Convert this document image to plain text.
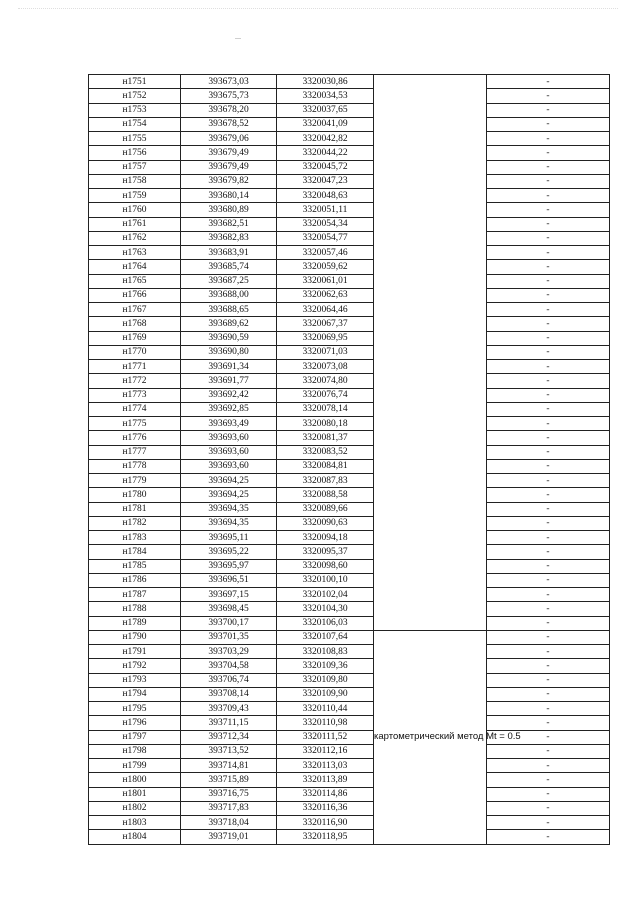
н1751	393673,03	3320030,86		-
н1752	393675,73	3320034,53		-
н1753	393678,20	3320037,65		-
н1754	393678,52	3320041,09		-
н1755	393679,06	3320042,82		-
н1756	393679,49	3320044,22		-
н1757	393679,49	3320045,72		-
н1758	393679,82	3320047,23		-
н1759	393680,14	3320048,63		-
н1760	393680,89	3320051,11		-
н1761	393682,51	3320054,34		-
н1762	393682,83	3320054,77		-
н1763	393683,91	3320057,46		-
н1764	393685,74	3320059,62		-
н1765	393687,25	3320061,01		-
н1766	393688,00	3320062,63		-
н1767	393688,65	3320064,46		-
н1768	393689,62	3320067,37		-
н1769	393690,59	3320069,95		-
н1770	393690,80	3320071,03		-
н1771	393691,34	3320073,08		-
н1772	393691,77	3320074,80		-
н1773	393692,42	3320076,74		-
н1774	393692,85	3320078,14		-
н1775	393693,49	3320080,18		-
н1776	393693,60	3320081,37		-
н1777	393693,60	3320083,52		-
н1778	393693,60	3320084,81		-
н1779	393694,25	3320087,83		-
н1780	393694,25	3320088,58		-
н1781	393694,35	3320089,66		-
н1782	393694,35	3320090,63		-
н1783	393695,11	3320094,18		-
н1784	393695,22	3320095,37		-
н1785	393695,97	3320098,60		-
н1786	393696,51	3320100,10		-
н1787	393697,15	3320102,04		-
н1788	393698,45	3320104,30		-
н1789	393700,17	3320106,03		-
н1790	393701,35	3320107,64	картометрический метод Mt = 0.5	-
н1791	393703,29	3320108,83		-
н1792	393704,58	3320109,36		-
н1793	393706,74	3320109,80		-
н1794	393708,14	3320109,90		-
н1795	393709,43	3320110,44		-
н1796	393711,15	3320110,98		-
н1797	393712,34	3320111,52		-
н1798	393713,52	3320112,16		-
н1799	393714,81	3320113,03		-
н1800	393715,89	3320113,89		-
н1801	393716,75	3320114,86		-
н1802	393717,83	3320116,36		-
н1803	393718,04	3320116,90		-
н1804	393719,01	3320118,95		-
